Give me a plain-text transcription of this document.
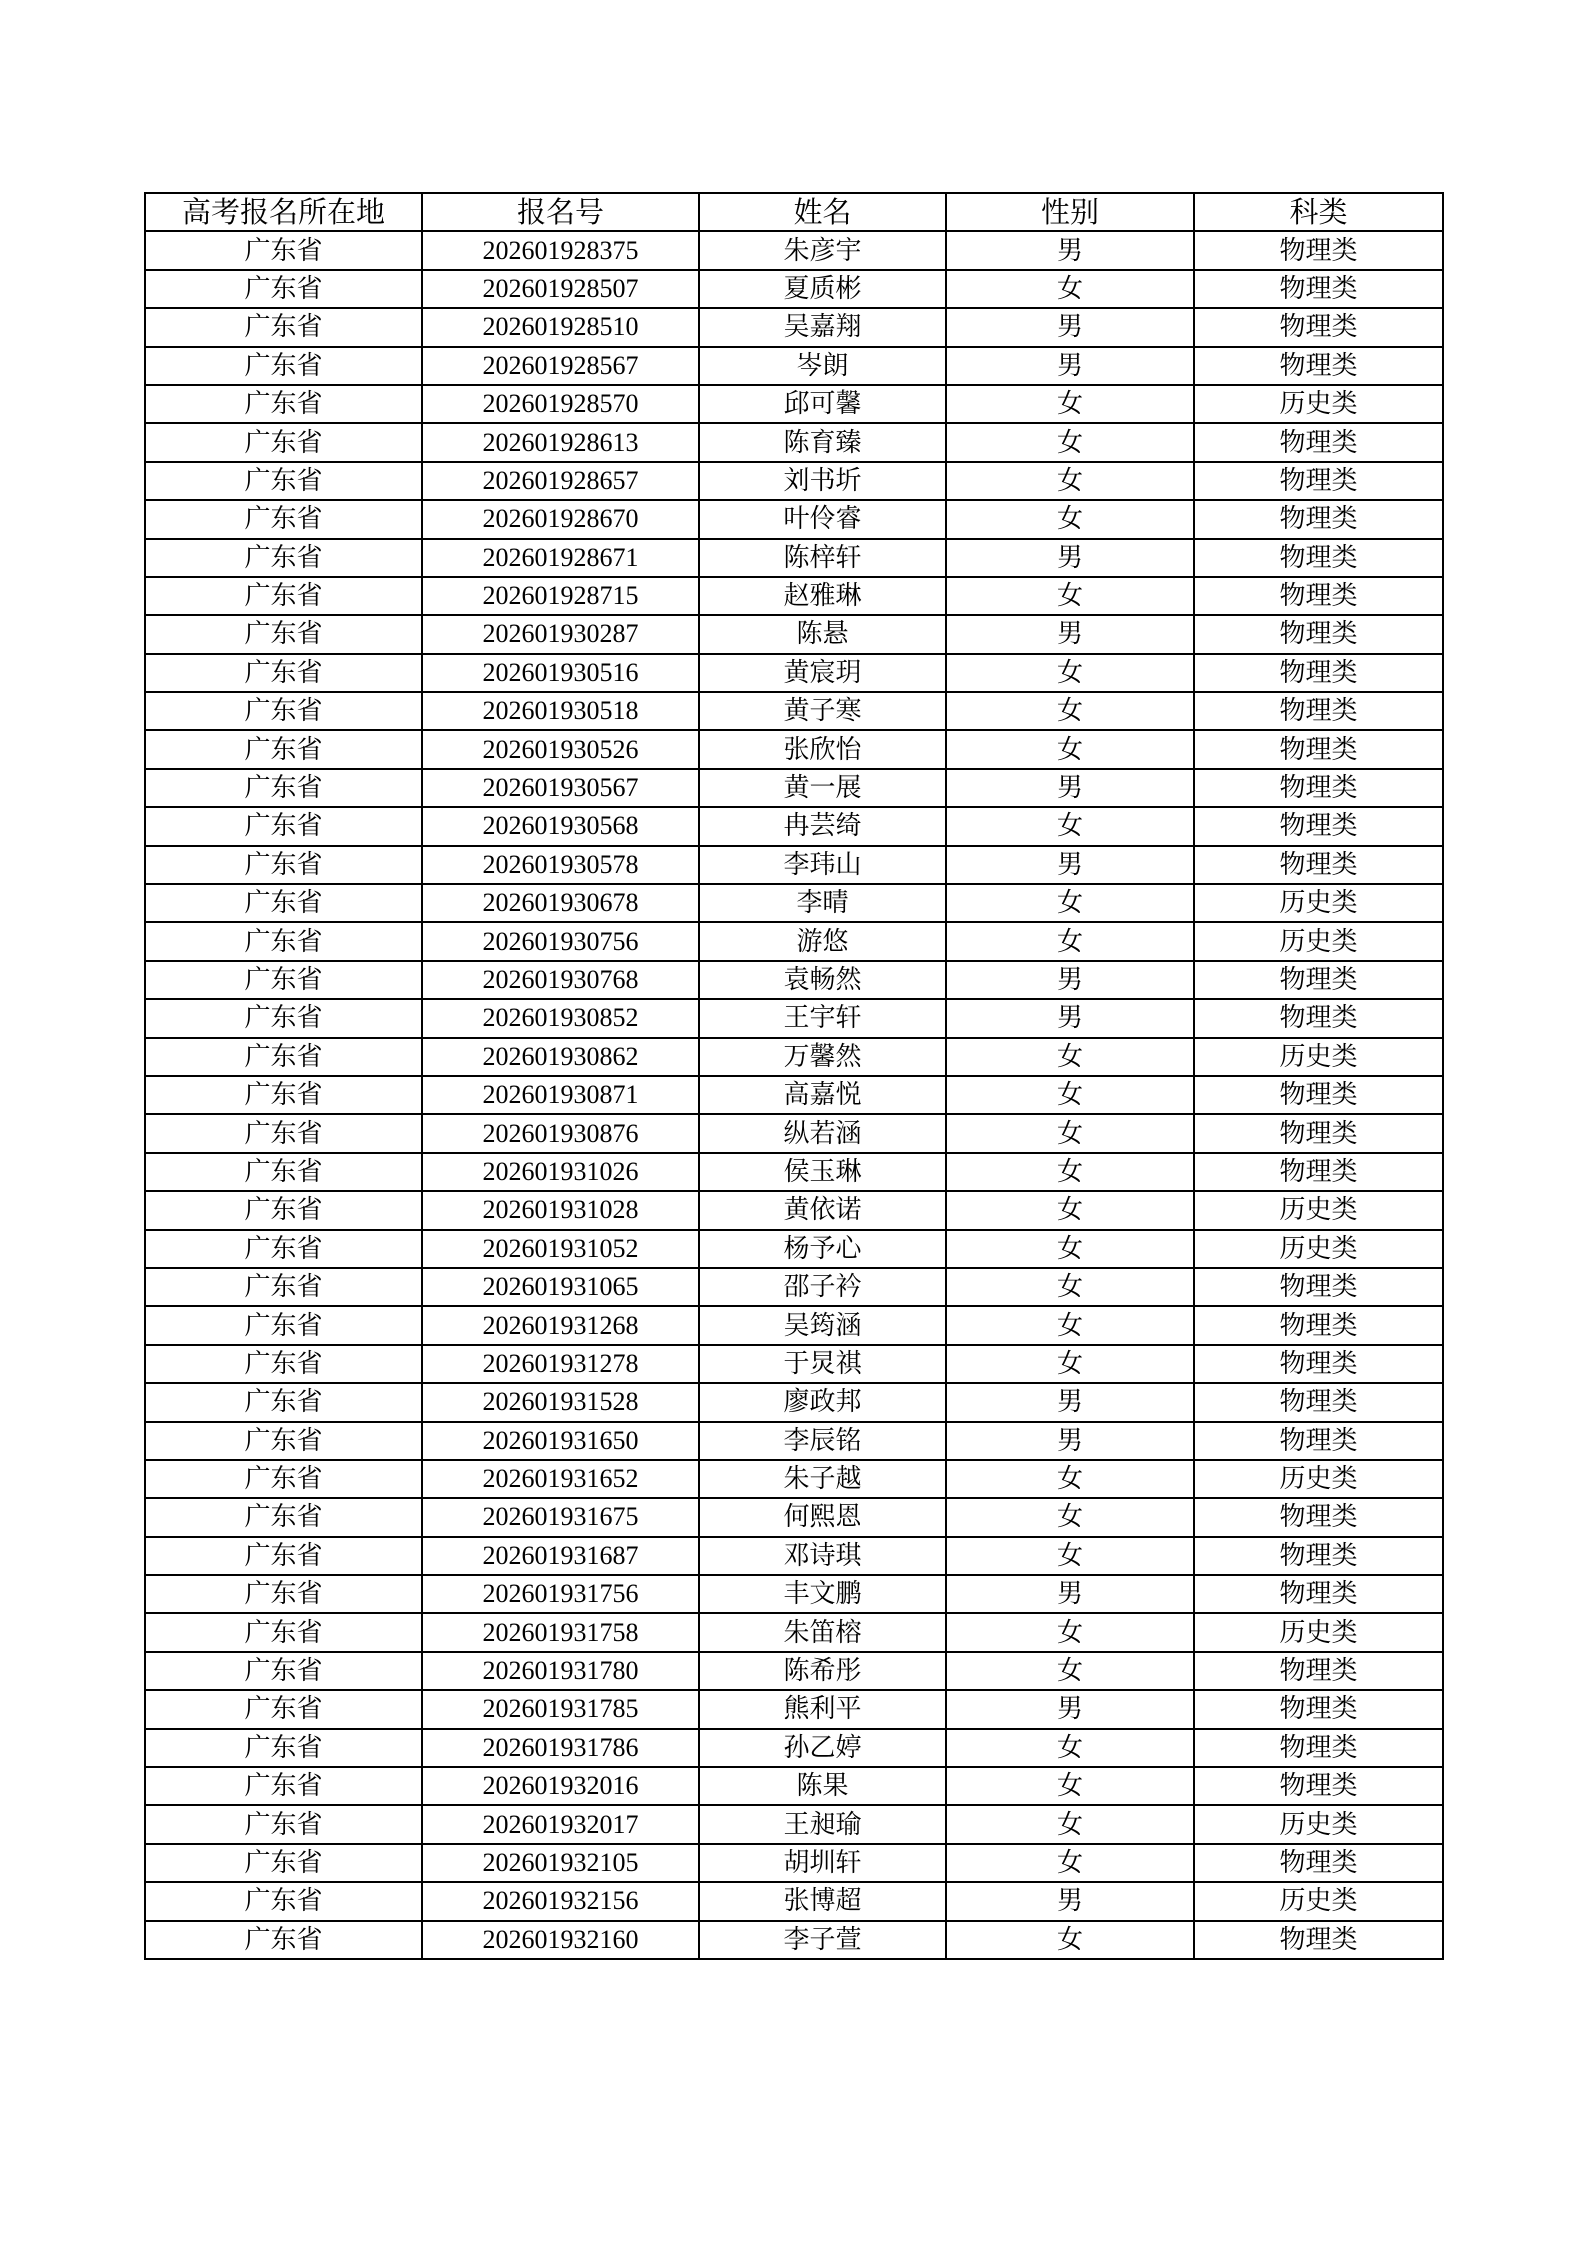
高考报名所在地	报名号	姓名	性别	科类
广东省	202601928375	朱彦宇	男	物理类
广东省	202601928507	夏质彬	女	物理类
广东省	202601928510	吴嘉翔	男	物理类
广东省	202601928567	岑朗	男	物理类
广东省	202601928570	邱可馨	女	历史类
广东省	202601928613	陈育臻	女	物理类
广东省	202601928657	刘书圻	女	物理类
广东省	202601928670	叶伶睿	女	物理类
广东省	202601928671	陈梓轩	男	物理类
广东省	202601928715	赵雅琳	女	物理类
广东省	202601930287	陈悬	男	物理类
广东省	202601930516	黄宸玥	女	物理类
广东省	202601930518	黄子寒	女	物理类
广东省	202601930526	张欣怡	女	物理类
广东省	202601930567	黄一展	男	物理类
广东省	202601930568	冉芸绮	女	物理类
广东省	202601930578	李玮山	男	物理类
广东省	202601930678	李晴	女	历史类
广东省	202601930756	游悠	女	历史类
广东省	202601930768	袁畅然	男	物理类
广东省	202601930852	王宇轩	男	物理类
广东省	202601930862	万馨然	女	历史类
广东省	202601930871	高嘉悦	女	物理类
广东省	202601930876	纵若涵	女	物理类
广东省	202601931026	侯玉琳	女	物理类
广东省	202601931028	黄依诺	女	历史类
广东省	202601931052	杨予心	女	历史类
广东省	202601931065	邵子衿	女	物理类
广东省	202601931268	吴筠涵	女	物理类
广东省	202601931278	于炅祺	女	物理类
广东省	202601931528	廖政邦	男	物理类
广东省	202601931650	李辰铭	男	物理类
广东省	202601931652	朱子越	女	历史类
广东省	202601931675	何熙恩	女	物理类
广东省	202601931687	邓诗琪	女	物理类
广东省	202601931756	丰文鹏	男	物理类
广东省	202601931758	朱笛榕	女	历史类
广东省	202601931780	陈希彤	女	物理类
广东省	202601931785	熊利平	男	物理类
广东省	202601931786	孙乙婷	女	物理类
广东省	202601932016	陈果	女	物理类
广东省	202601932017	王昶瑜	女	历史类
广东省	202601932105	胡圳轩	女	物理类
广东省	202601932156	张博超	男	历史类
广东省	202601932160	李子萱	女	物理类
